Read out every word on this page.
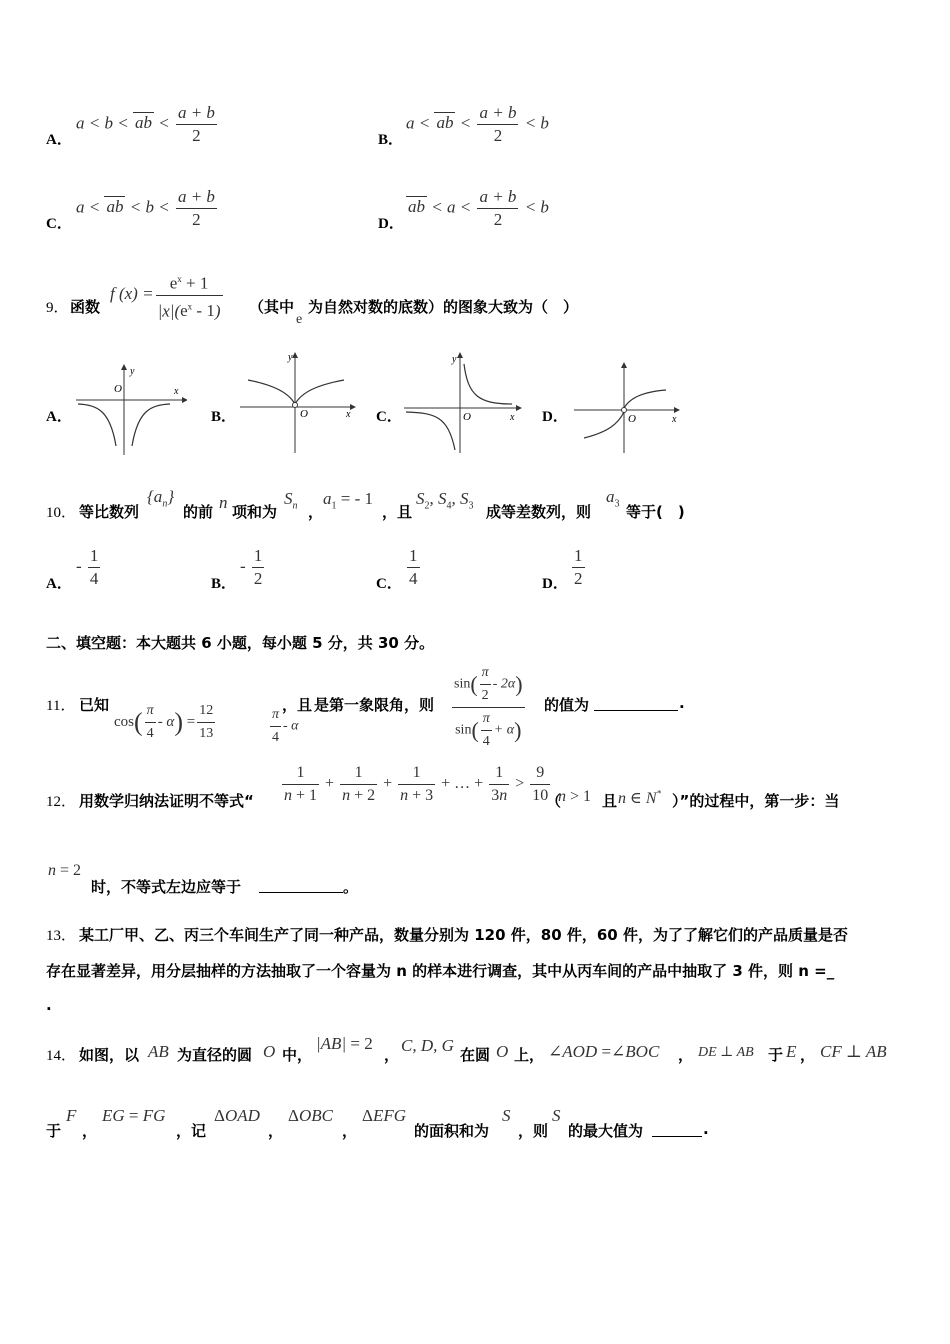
A．
a < b < ab < $\frac{a + b}{2}$	B．
a < ab < $\frac{a + b}{2} < b$
C．
a < ab < $b < \frac{a + b}{2}$	D．
ab < $a < \frac{a + b}{2} < b$
9． 函数
f $(x) = \frac{e^x + 1}{|x|(e^x - 1)}$ （其中
e
为自然对数的底数）的图象大致为（　）
A．
y
x
O
B．
y
x
O	C．
y
x
O	D．	x
O
10． 等比数列
$\{a_n\}$
的前 n 项和为
$S_n$ ，
$a_1$ = - 1
，且
$S_2$, $S_4$, $S_3$ 成等差数列，则
$a_3$ 等于(　)
A．
- $\frac{1}{4}$	B．
- $\frac{1}{2}$	C． $\frac{1}{4}$	D． $\frac{1}{2}$
二、填空题：本大题共 6 小题，每小题 5 分，共 30 分。
11． 已知
$\cos( \frac{\pi}{4} - \alpha) = \frac{12}{13}$	，且
$\frac{\pi}{4}$ - α
是第一象限角，则 $\frac{\sin( \frac{\pi}{2} - 2\alpha)}{\sin( \frac{\pi}{4} + \alpha)}$ 的值为	.
12． 用数学归纳法证明不等式“ $\frac{1}{n + 1} + \frac{1}{n + 2} + \frac{1}{n + 3}$ + … + $\frac{1}{3n} > \frac{9}{10}$
（
n > 1 且 n ∈ N* ）”的过程中，第一步：当
n = 2
时，不等式左边应等于	。
13． 某工厂甲、乙、丙三个车间生产了同一种产品，数量分别为 120 件，80 件，60 件，为了了解它们的产品质量是否
存在显著差异，用分层抽样的方法抽取了一个容量为 n 的样本进行调查，其中从丙车间的产品中抽取了 3 件，则 n =_
.
14． 如图，以 AB 为直径的圆 O 中，
|AB| = 2
， C, D, G 在圆 O 上， ∠AOD =∠BOC ， DE ⊥ AB 于 E ， CF ⊥ AB
于
F
，
EG = FG
，记
ΔOAD
，
ΔOBC
，
ΔEFG
的面积和为
S
，则
S
的最大值为	.
